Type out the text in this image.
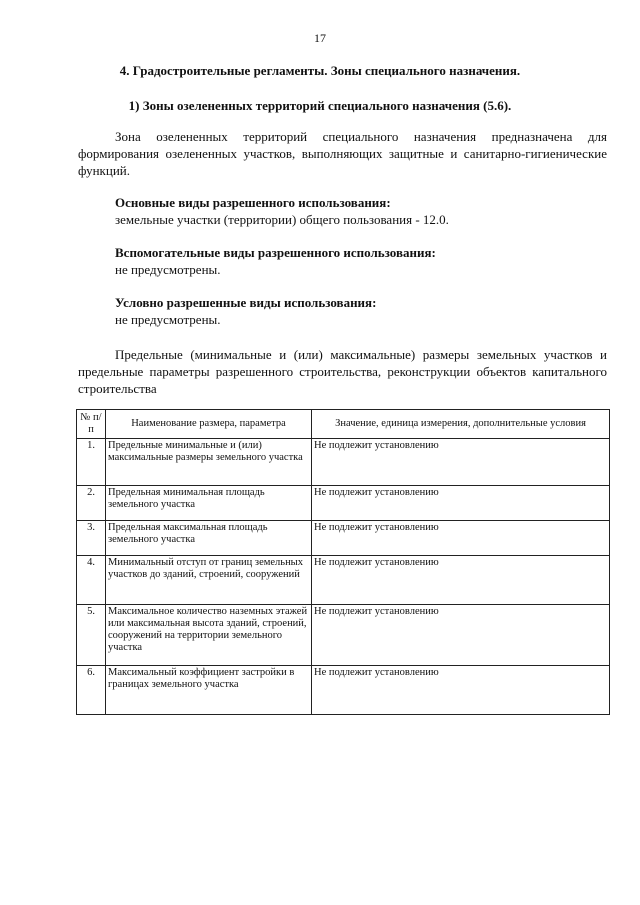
17
4. Градостроительные регламенты. Зоны специального назначения.
1) Зоны озелененных территорий специального назначения (5.6).

Зона озелененных территорий специального назначения предназначена для формирования озелененных участков, выполняющих защитные и санитарно-гигиенические функций.

Основные виды разрешенного использования:
земельные участки (территории) общего пользования - 12.0.
Вспомогательные виды разрешенного использования:
не предусмотрены.
Условно разрешенные виды использования:
не предусмотрены.

Предельные (минимальные и (или) максимальные) размеры земельных участков и предельные параметры разрешенного строительства, реконструкции объектов капитального строительства

№ п/п	Наименование размера, параметра	Значение, единица измерения, дополнительные условия
1.	Предельные минимальные и (или) максимальные размеры земельного участка	Не подлежит установлению
2.	Предельная минимальная площадь земельного участка	Не подлежит установлению
3.	Предельная максимальная площадь земельного участка	Не подлежит установлению
4.	Минимальный отступ от границ земельных участков до зданий, строений, сооружений	Не подлежит установлению
5.	Максимальное количество наземных этажей или максимальная высота зданий, строений, сооружений на территории земельного участка	Не подлежит установлению
6.	Максимальный коэффициент застройки в границах земельного участка	Не подлежит установлению
